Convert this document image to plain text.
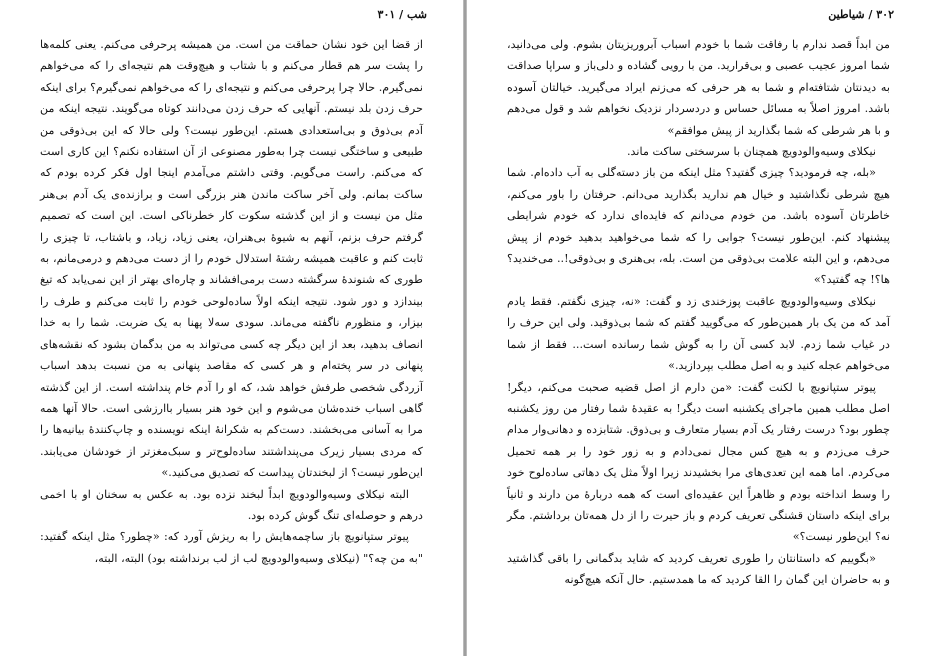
شب / ۳۰۱

از قضا این خود نشان حماقت من است. من همیشه پرحرفی می‌کنم. یعنی کلمه‌ها را پشت سر هم قطار می‌کنم و با شتاب و هیچ‌وقت هم نتیجه‌ای را که می‌خواهم نمی‌گیرم. حالا چرا پرحرفی می‌کنم و نتیجه‌ای را که می‌خواهم نمی‌گیرم؟ برای اینکه حرف زدن بلد نیستم. آنهایی که حرف زدن می‌دانند کوتاه می‌گویند. نتیجه اینکه من آدم بی‌ذوق و بی‌استعدادی هستم. این‌طور نیست؟ ولی حالا که این بی‌ذوقی من طبیعی و ساختگی نیست چرا به‌طور مصنوعی از آن استفاده نکنم؟ این کاری است که می‌کنم. راست می‌گویم. وقتی داشتم می‌آمدم اینجا اول فکر کرده بودم که ساکت بمانم. ولی آخر ساکت ماندن هنر بزرگی است و برازنده‌ی یک آدم بی‌هنر مثل من نیست و از این گذشته سکوت کار خطرناکی است. این است که تصمیم گرفتم حرف بزنم، آنهم به شیوهٔ بی‌هنران، یعنی زیاد، زیاد، و باشتاب، تا چیزی را ثابت کنم و عاقبت همیشه رشتهٔ استدلال خودم را از دست می‌دهم و درمی‌مانم، به طوری که شنوندهٔ سرگشته دست برمی‌افشاند و چاره‌ای بهتر از این نمی‌یابد که تیغ بیندازد و دور شود. نتیجه اینکه اولاً ساده‌لوحی خودم را ثابت می‌کنم و طرف را بیزار، و منظورم ناگفته می‌ماند. سودی سه‌لا پهنا به یک ضربت. شما را به خدا انصاف بدهید، بعد از این دیگر چه کسی می‌تواند به من بدگمان بشود که نقشه‌های پنهانی در سر پخته‌ام و هر کسی که مقاصد پنهانی به من نسبت بدهد اسباب آزردگی شخصی طرفش خواهد شد، که او را آدم خام پنداشته است. از این گذشته گاهی اسباب خنده‌شان می‌شوم و این خود هنر بسیار باارزشی است. حالا آنها همه مرا به آسانی می‌بخشند. دست‌کم به شکرانهٔ اینکه نویسنده و چاپ‌کنندهٔ بیانیه‌ها را که مردی بسیار زیرک می‌پنداشتند ساده‌لوح‌تر و سبک‌مغزتر از خودشان می‌یابند. این‌طور نیست؟ از لبخندتان پیداست که تصدیق می‌کنید.»

البته نیکلای وسیه‌والودویچ ابداً لبخند نزده بود. به عکس به سخنان او با اخمی درهم و حوصله‌ای تنگ گوش کرده بود.

پیوتر ستپانویچ باز ساچمه‌هایش را به ریزش آورد که: «چطور؟ مثل اینکه گفتید: "به من چه؟" (نیکلای وسیه‌والودویچ لب از لب برنداشته بود) البته، البته،

۳۰۲ / شیاطین

من ابداً قصد ندارم با رفاقت شما با خودم اسباب آبروریزیتان بشوم. ولی می‌دانید، شما امروز عجیب عصبی و بی‌قرارید. من با رویی گشاده و دلی‌باز و سراپا صداقت به دیدنتان شتافته‌ام و شما به هر حرفی که می‌زنم ایراد می‌گیرید. خیالتان آسوده باشد. امروز اصلاً به مسائل حساس و دردسردار نزدیک نخواهم شد و قول می‌دهم و با هر شرطی که شما بگذارید از پیش موافقم»

نیکلای وسیه‌والودویچ همچنان با سرسختی ساکت ماند.

«بله، چه فرمودید؟ چیزی گفتید؟ مثل اینکه من باز دسته‌گلی به آب داده‌ام. شما هیچ شرطی نگذاشتید و خیال هم ندارید بگذارید می‌دانم. حرفتان را باور می‌کنم، خاطرتان آسوده باشد. من خودم می‌دانم که فایده‌ای ندارد که خودم شرایطی پیشنهاد کنم. این‌طور نیست؟ جوابی را که شما می‌خواهید بدهید خودم از پیش می‌دهم، و این البته علامت بی‌ذوقی من است. بله، بی‌هنری و بی‌ذوقی!.. می‌خندید؟ ها؟! چه گفتید؟»

نیکلای وسیه‌والودویچ عاقبت پوزخندی زد و گفت: «نه، چیزی نگفتم. فقط یادم آمد که من یک بار همین‌طور که می‌گویید گفتم که شما بی‌ذوقید. ولی این حرف را در غیاب شما زدم. لابد کسی آن را به گوش شما رسانده است... فقط از شما می‌خواهم عجله کنید و به اصل مطلب بپردازید.»

پیوتر ستپانویچ با لکنت گفت: «من دارم از اصل قضیه صحبت می‌کنم، دیگر! اصل مطلب همین ماجرای یکشنبه است دیگر! به عقیدهٔ شما رفتار من روز یکشنبه چطور بود؟ درست رفتار یک آدم بسیار متعارف و بی‌ذوق. شتابزده و دهانی‌وار مدام حرف می‌زدم و به هیچ کس مجال نمی‌دادم و به زور خود را بر همه تحمیل می‌کردم. اما همه این تعدی‌های مرا بخشیدند زیرا اولاً مثل یک دهاتی ساده‌لوح خود را وسط انداخته بودم و ظاهراً این عقیده‌ای است که همه دربارهٔ من دارند و ثانیاً برای اینکه داستان قشنگی تعریف کردم و باز حیرت را از دل همه‌تان برداشتم. مگر نه؟ این‌طور نیست؟»

«بگوییم که داستانتان را طوری تعریف کردید که شاید بدگمانی را باقی گذاشتید و به حاضران این گمان را القا کردید که ما همدستیم. حال آنکه هیچ‌گونه
